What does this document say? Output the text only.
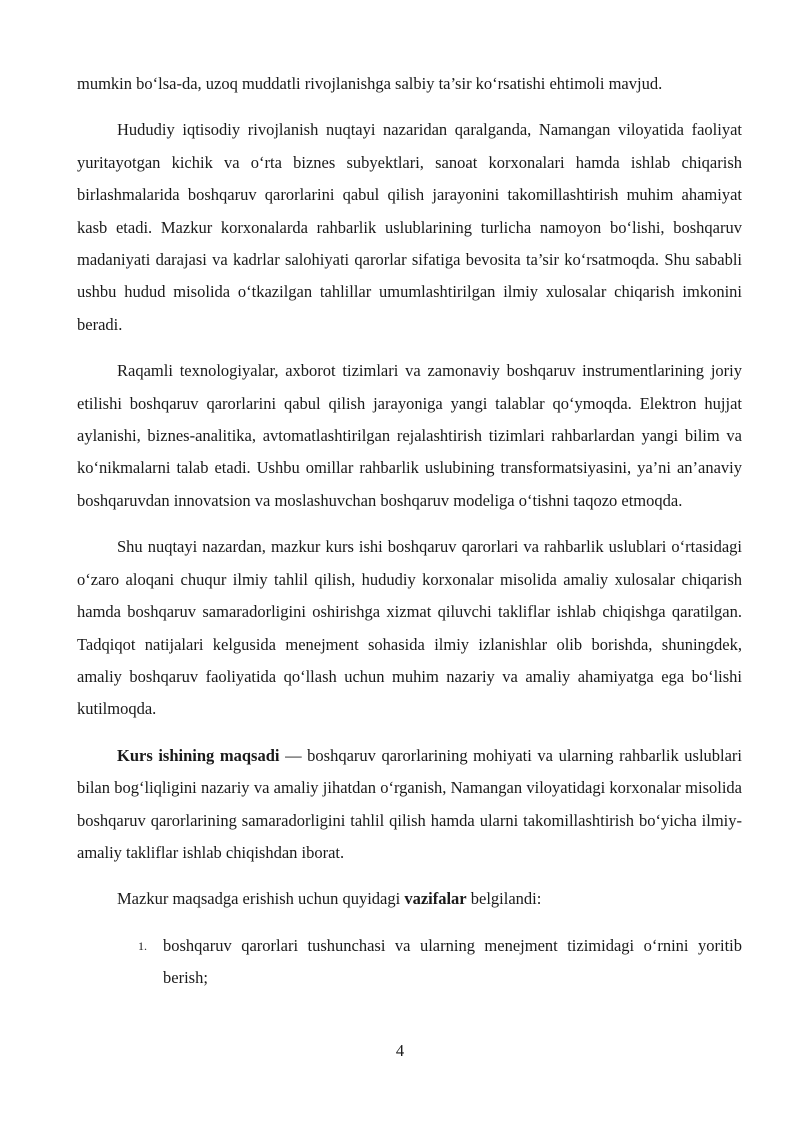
mumkin bo‘lsa-da, uzoq muddatli rivojlanishga salbiy ta’sir ko‘rsatishi ehtimoli mavjud.

Hududiy iqtisodiy rivojlanish nuqtayi nazaridan qaralganda, Namangan viloyatida faoliyat yuritayotgan kichik va o‘rta biznes subyektlari, sanoat korxonalari hamda ishlab chiqarish birlashmalarida boshqaruv qarorlarini qabul qilish jarayonini takomillashtirish muhim ahamiyat kasb etadi. Mazkur korxonalarda rahbarlik uslublarining turlicha namoyon bo‘lishi, boshqaruv madaniyati darajasi va kadrlar salohiyati qarorlar sifatiga bevosita ta’sir ko‘rsatmoqda. Shu sababli ushbu hudud misolida o‘tkazilgan tahlillar umumlashtirilgan ilmiy xulosalar chiqarish imkonini beradi.

Raqamli texnologiyalar, axborot tizimlari va zamonaviy boshqaruv instrumentlarining joriy etilishi boshqaruv qarorlarini qabul qilish jarayoniga yangi talablar qo‘ymoqda. Elektron hujjat aylanishi, biznes-analitika, avtomatlashtirilgan rejalashtirish tizimlari rahbarlardan yangi bilim va ko‘nikmalarni talab etadi. Ushbu omillar rahbarlik uslubining transformatsiyasini, ya’ni an’anaviy boshqaruvdan innovatsion va moslashuvchan boshqaruv modeliga o‘tishni taqozo etmoqda.

Shu nuqtayi nazardan, mazkur kurs ishi boshqaruv qarorlari va rahbarlik uslublari o‘rtasidagi o‘zaro aloqani chuqur ilmiy tahlil qilish, hududiy korxonalar misolida amaliy xulosalar chiqarish hamda boshqaruv samaradorligini oshirishga xizmat qiluvchi takliflar ishlab chiqishga qaratilgan. Tadqiqot natijalari kelgusida menejment sohasida ilmiy izlanishlar olib borishda, shuningdek, amaliy boshqaruv faoliyatida qo‘llash uchun muhim nazariy va amaliy ahamiyatga ega bo‘lishi kutilmoqda.

Kurs ishining maqsadi — boshqaruv qarorlarining mohiyati va ularning rahbarlik uslublari bilan bog‘liqligini nazariy va amaliy jihatdan o‘rganish, Namangan viloyatidagi korxonalar misolida boshqaruv qarorlarining samaradorligini tahlil qilish hamda ularni takomillashtirish bo‘yicha ilmiy-amaliy takliflar ishlab chiqishdan iborat.

Mazkur maqsadga erishish uchun quyidagi vazifalar belgilandi:

1. boshqaruv qarorlari tushunchasi va ularning menejment tizimidagi o‘rnini yoritib berish;

4
